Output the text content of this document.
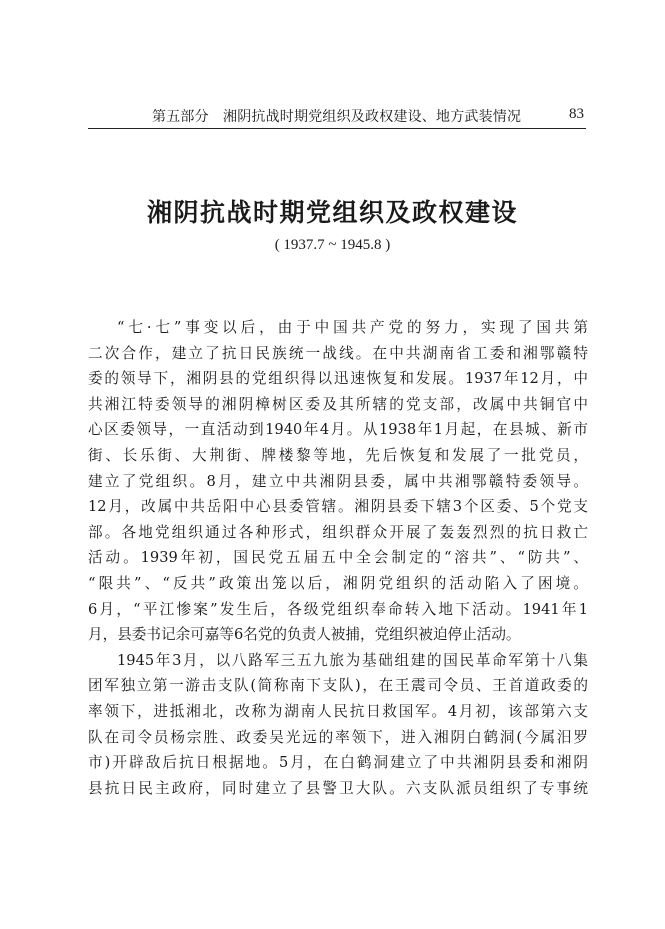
第五部分　湘阴抗战时期党组织及政权建设、地方武装情况	83
湘阴抗战时期党组织及政权建设
( 1937.7 ~ 1945.8 )
“七·七”事变以后，由于中国共产党的努力，实现了国共第
二次合作，建立了抗日民族统一战线。在中共湖南省工委和湘鄂赣特
委的领导下，湘阴县的党组织得以迅速恢复和发展。1937年12月，中
共湘江特委领导的湘阴樟树区委及其所辖的党支部，改属中共铜官中
心区委领导，一直活动到1940年4月。从1938年1月起，在县城、新市
街、长乐街、大荆街、牌楼黎等地，先后恢复和发展了一批党员，
建立了党组织。8月，建立中共湘阴县委，属中共湘鄂赣特委领导。
12月，改属中共岳阳中心县委管辖。湘阴县委下辖3个区委、5个党支
部。各地党组织通过各种形式，组织群众开展了轰轰烈烈的抗日救亡
活动。1939年初，国民党五届五中全会制定的“溶共”、“防共”、
“限共”、“反共”政策出笼以后，湘阴党组织的活动陷入了困境。
6月，“平江惨案”发生后，各级党组织奉命转入地下活动。1941年1
月，县委书记余可嘉等6名党的负责人被捕，党组织被迫停止活动。
1945年3月，以八路军三五九旅为基础组建的国民革命军第十八集
团军独立第一游击支队(简称南下支队)，在王震司令员、王首道政委的
率领下，进抵湘北，改称为湖南人民抗日救国军。4月初，该部第六支
队在司令员杨宗胜、政委吴光远的率领下，进入湘阴白鹤洞(今属汨罗
市)开辟敌后抗日根据地。5月，在白鹤洞建立了中共湘阴县委和湘阴
县抗日民主政府，同时建立了县警卫大队。六支队派员组织了专事统
